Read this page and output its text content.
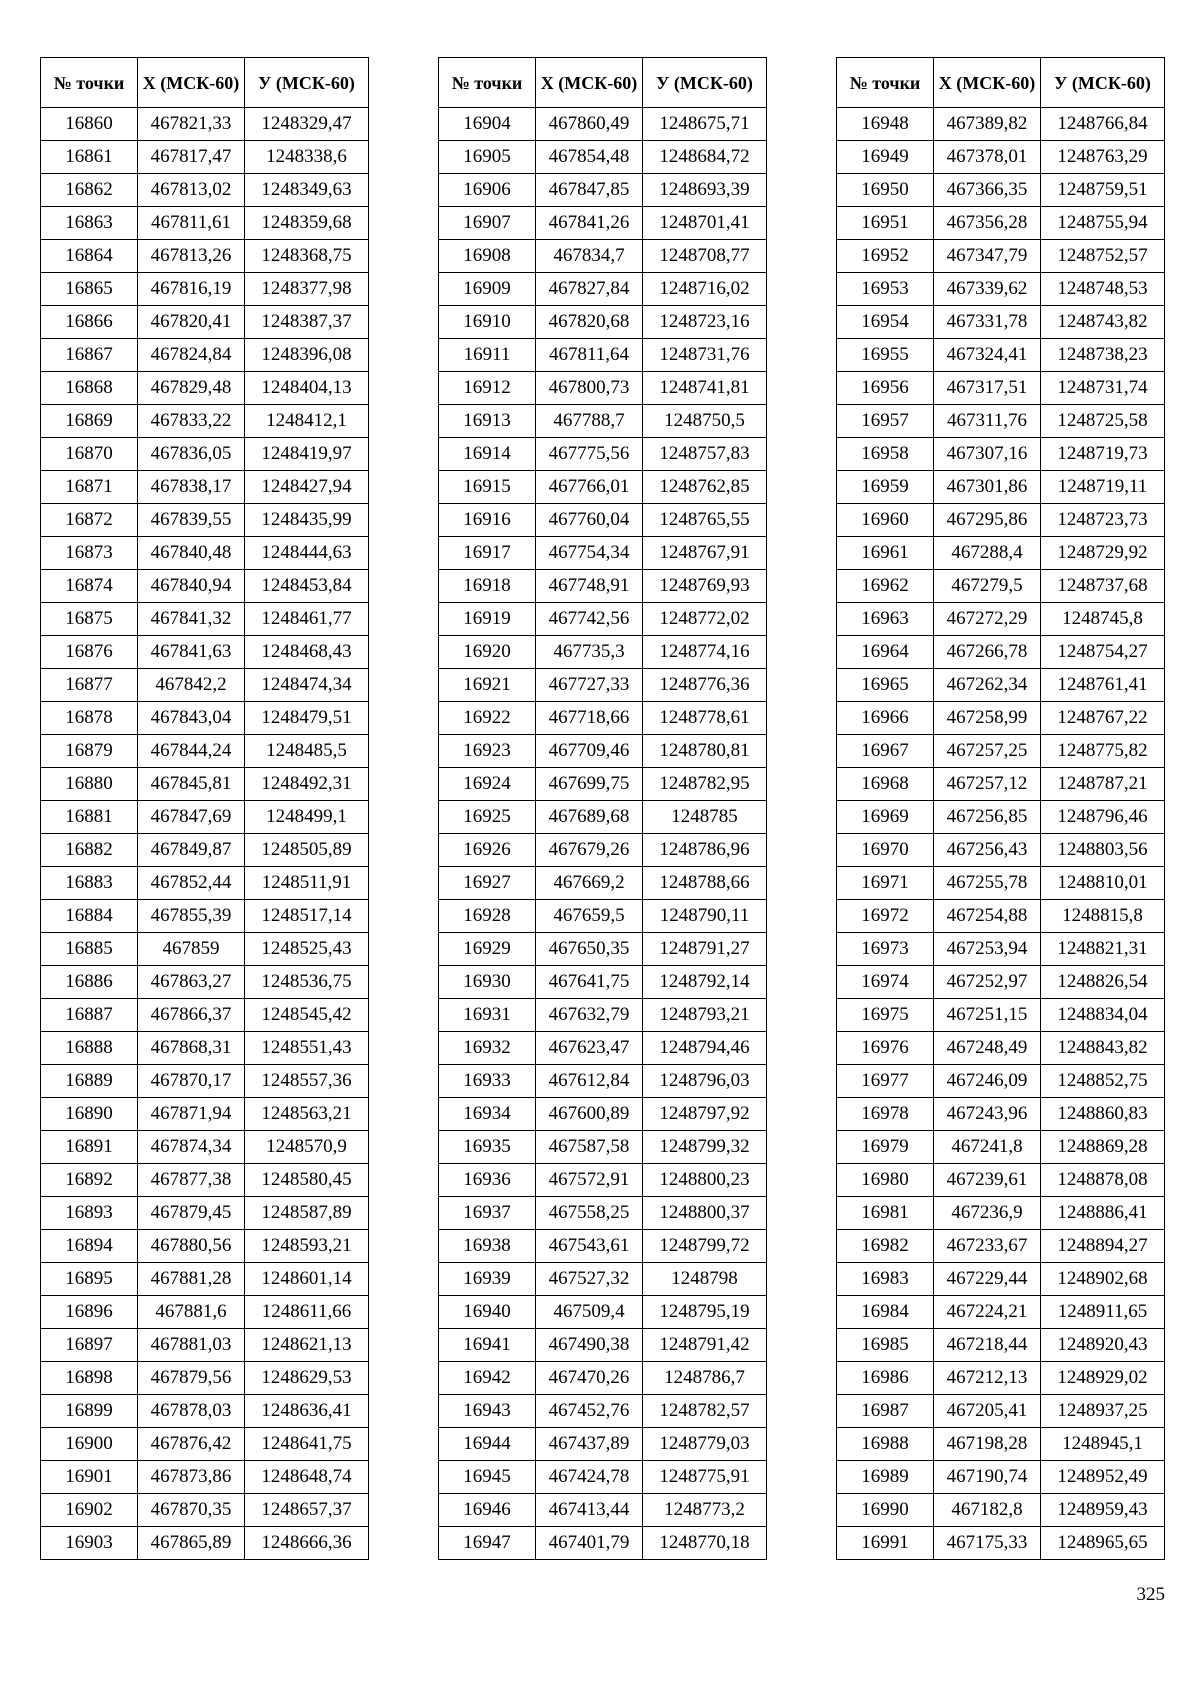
№ точки	X (МСК-60)	У (МСК-60)
16860	467821,33	1248329,47
16861	467817,47	1248338,6
16862	467813,02	1248349,63
16863	467811,61	1248359,68
16864	467813,26	1248368,75
16865	467816,19	1248377,98
16866	467820,41	1248387,37
16867	467824,84	1248396,08
16868	467829,48	1248404,13
16869	467833,22	1248412,1
16870	467836,05	1248419,97
16871	467838,17	1248427,94
16872	467839,55	1248435,99
16873	467840,48	1248444,63
16874	467840,94	1248453,84
16875	467841,32	1248461,77
16876	467841,63	1248468,43
16877	467842,2	1248474,34
16878	467843,04	1248479,51
16879	467844,24	1248485,5
16880	467845,81	1248492,31
16881	467847,69	1248499,1
16882	467849,87	1248505,89
16883	467852,44	1248511,91
16884	467855,39	1248517,14
16885	467859	1248525,43
16886	467863,27	1248536,75
16887	467866,37	1248545,42
16888	467868,31	1248551,43
16889	467870,17	1248557,36
16890	467871,94	1248563,21
16891	467874,34	1248570,9
16892	467877,38	1248580,45
16893	467879,45	1248587,89
16894	467880,56	1248593,21
16895	467881,28	1248601,14
16896	467881,6	1248611,66
16897	467881,03	1248621,13
16898	467879,56	1248629,53
16899	467878,03	1248636,41
16900	467876,42	1248641,75
16901	467873,86	1248648,74
16902	467870,35	1248657,37
16903	467865,89	1248666,36
№ точки	X (МСК-60)	У (МСК-60)
16904	467860,49	1248675,71
16905	467854,48	1248684,72
16906	467847,85	1248693,39
16907	467841,26	1248701,41
16908	467834,7	1248708,77
16909	467827,84	1248716,02
16910	467820,68	1248723,16
16911	467811,64	1248731,76
16912	467800,73	1248741,81
16913	467788,7	1248750,5
16914	467775,56	1248757,83
16915	467766,01	1248762,85
16916	467760,04	1248765,55
16917	467754,34	1248767,91
16918	467748,91	1248769,93
16919	467742,56	1248772,02
16920	467735,3	1248774,16
16921	467727,33	1248776,36
16922	467718,66	1248778,61
16923	467709,46	1248780,81
16924	467699,75	1248782,95
16925	467689,68	1248785
16926	467679,26	1248786,96
16927	467669,2	1248788,66
16928	467659,5	1248790,11
16929	467650,35	1248791,27
16930	467641,75	1248792,14
16931	467632,79	1248793,21
16932	467623,47	1248794,46
16933	467612,84	1248796,03
16934	467600,89	1248797,92
16935	467587,58	1248799,32
16936	467572,91	1248800,23
16937	467558,25	1248800,37
16938	467543,61	1248799,72
16939	467527,32	1248798
16940	467509,4	1248795,19
16941	467490,38	1248791,42
16942	467470,26	1248786,7
16943	467452,76	1248782,57
16944	467437,89	1248779,03
16945	467424,78	1248775,91
16946	467413,44	1248773,2
16947	467401,79	1248770,18
№ точки	X (МСК-60)	У (МСК-60)
16948	467389,82	1248766,84
16949	467378,01	1248763,29
16950	467366,35	1248759,51
16951	467356,28	1248755,94
16952	467347,79	1248752,57
16953	467339,62	1248748,53
16954	467331,78	1248743,82
16955	467324,41	1248738,23
16956	467317,51	1248731,74
16957	467311,76	1248725,58
16958	467307,16	1248719,73
16959	467301,86	1248719,11
16960	467295,86	1248723,73
16961	467288,4	1248729,92
16962	467279,5	1248737,68
16963	467272,29	1248745,8
16964	467266,78	1248754,27
16965	467262,34	1248761,41
16966	467258,99	1248767,22
16967	467257,25	1248775,82
16968	467257,12	1248787,21
16969	467256,85	1248796,46
16970	467256,43	1248803,56
16971	467255,78	1248810,01
16972	467254,88	1248815,8
16973	467253,94	1248821,31
16974	467252,97	1248826,54
16975	467251,15	1248834,04
16976	467248,49	1248843,82
16977	467246,09	1248852,75
16978	467243,96	1248860,83
16979	467241,8	1248869,28
16980	467239,61	1248878,08
16981	467236,9	1248886,41
16982	467233,67	1248894,27
16983	467229,44	1248902,68
16984	467224,21	1248911,65
16985	467218,44	1248920,43
16986	467212,13	1248929,02
16987	467205,41	1248937,25
16988	467198,28	1248945,1
16989	467190,74	1248952,49
16990	467182,8	1248959,43
16991	467175,33	1248965,65
325
